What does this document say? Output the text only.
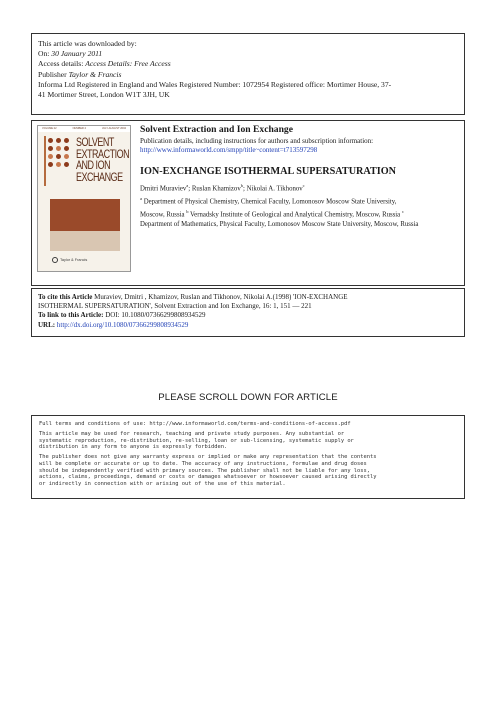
This article was downloaded by:
On: 30 January 2011
Access details: Access Details: Free Access
Publisher Taylor & Francis
Informa Ltd Registered in England and Wales Registered Number: 1072954 Registered office: Mortimer House, 37-
41 Mortimer Street, London W1T 3JH, UK
VOLUME 22	NUMBER 4	JULY-AUGUST 2004
SOLVENT
EXTRACTION
AND ION
EXCHANGE
Taylor & Francis
Solvent Extraction and Ion Exchange
Publication details, including instructions for authors and subscription information:
http://www.informaworld.com/smpp/title~content=t713597298
ION-EXCHANGE ISOTHERMAL SUPERSATURATION
Dmitri Muraviev$^a$; Ruslan Khamizov$^b$; Nikolai A. Tikhonov$^c$
$^a$ Department of Physical Chemistry, Chemical Faculty, Lomonosov Moscow State University,
Moscow, Russia $^b$ Vernadsky Institute of Geological and Analytical Chemistry, Moscow, Russia $^c$
Department of Mathematics, Physical Faculty, Lomonosov Moscow State University, Moscow, Russia
To cite this Article Muraviev, Dmitri , Khamizov, Ruslan and Tikhonov, Nikolai A.(1998) 'ION-EXCHANGE
ISOTHERMAL SUPERSATURATION', Solvent Extraction and Ion Exchange, 16: 1, 151 — 221
To link to this Article: DOI: 10.1080/07366299808934529
URL: http://dx.doi.org/10.1080/07366299808934529
PLEASE SCROLL DOWN FOR ARTICLE
Full terms and conditions of use: http://www.informaworld.com/terms-and-conditions-of-access.pdf
This article may be used for research, teaching and private study purposes. Any substantial or
systematic reproduction, re-distribution, re-selling, loan or sub-licensing, systematic supply or
distribution in any form to anyone is expressly forbidden.
The publisher does not give any warranty express or implied or make any representation that the contents
will be complete or accurate or up to date. The accuracy of any instructions, formulae and drug doses
should be independently verified with primary sources. The publisher shall not be liable for any loss,
actions, claims, proceedings, demand or costs or damages whatsoever or howsoever caused arising directly
or indirectly in connection with or arising out of the use of this material.
